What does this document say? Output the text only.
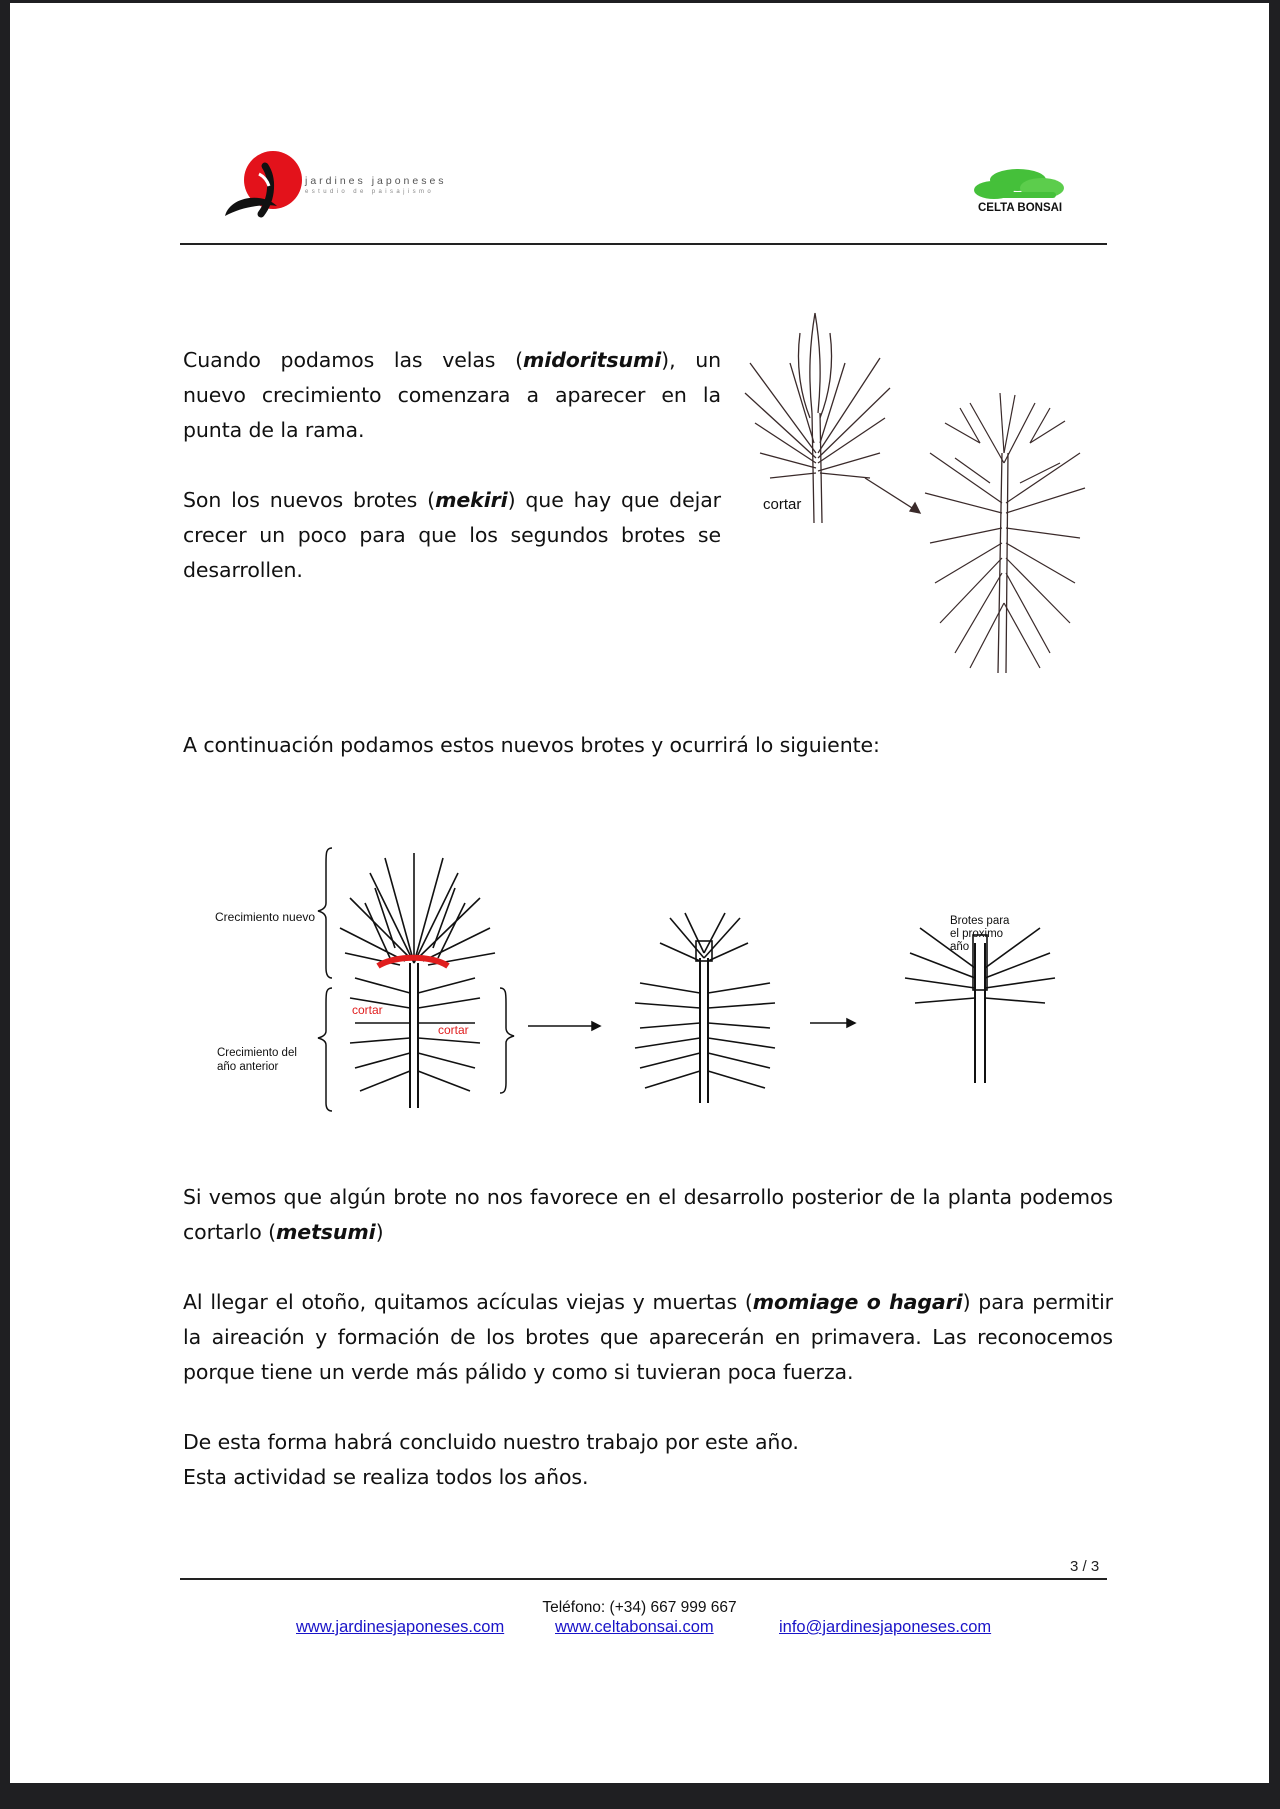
jardines japoneses
estudio de paisajismo
CELTA BONSAI
Cuando podamos las velas (midoritsumi), un nuevo crecimiento comenzara a aparecer en la punta de la rama.
Son los nuevos brotes (mekiri) que hay que dejar crecer un poco para que los segundos brotes se desarrollen.
cortar
A continuación podamos estos nuevos brotes y ocurrirá lo siguiente:
Crecimiento nuevo
Crecimiento del
año anterior
cortar
cortar
Brotes para
el proximo
año
Si vemos que algún brote no nos favorece en el desarrollo posterior de la planta podemos cortarlo (metsumi)
Al llegar el otoño, quitamos acículas viejas y muertas (momiage o hagari) para permitir la aireación y formación de los brotes que aparecerán en primavera. Las reconocemos porque tiene un verde más pálido y como si tuvieran poca fuerza.
De esta forma habrá concluido nuestro trabajo por este año.
Esta actividad se realiza todos los años.
3 / 3
Teléfono: (+34) 667 999 667
www.jardinesjaponeses.com	www.celtabonsai.com	info@jardinesjaponeses.com
